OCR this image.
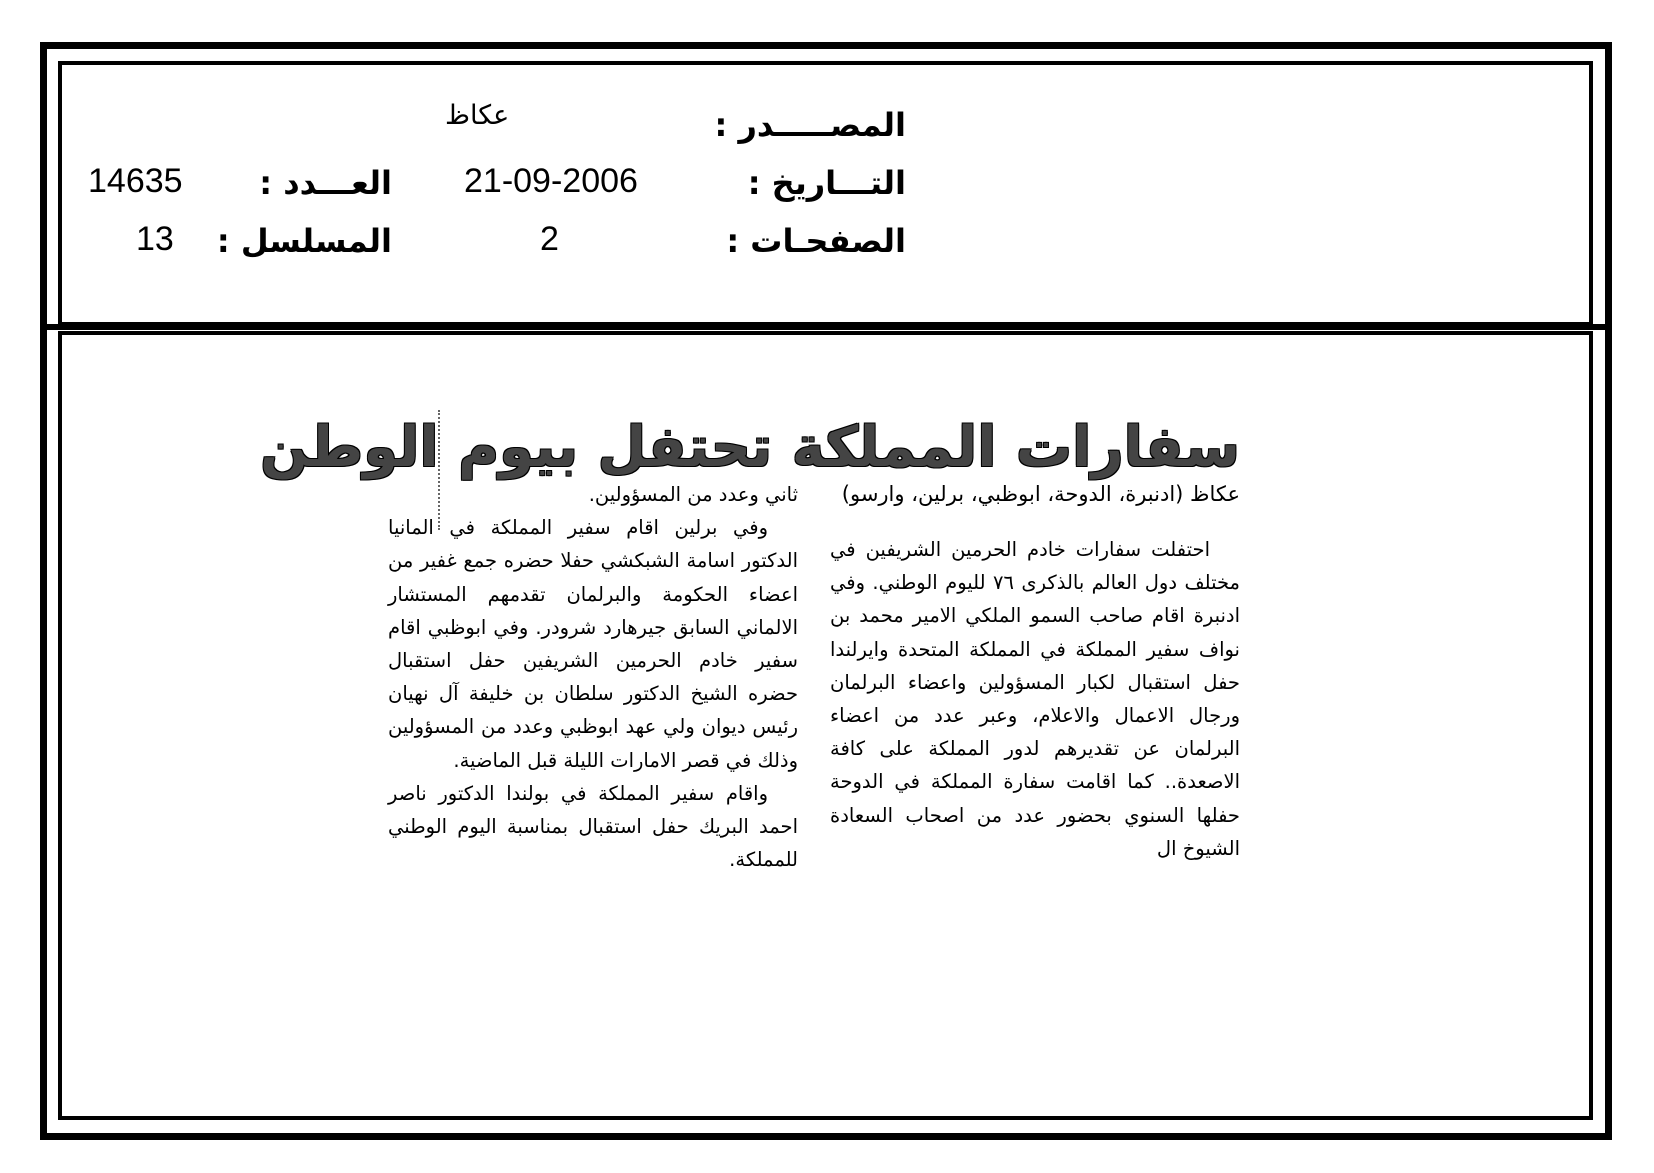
المصـــــدر :
عكاظ
التـــاريخ :
21-09-2006
العـــدد :
14635
الصفحـات :
2
المسلسل :
13
سفارات المملكة تحتفل بيوم الوطن

عكاظ (ادنبرة، الدوحة، ابوظبي، برلين، وارسو)

احتفلت سفارات خادم الحرمين الشريفين في مختلف دول العالم بالذكرى ٧٦ لليوم الوطني. وفي ادنبرة اقام صاحب السمو الملكي الامير محمد بن نواف سفير المملكة في المملكة المتحدة وايرلندا حفل استقبال لكبار المسؤولين واعضاء البرلمان ورجال الاعمال والاعلام، وعبر عدد من اعضاء البرلمان عن تقديرهم لدور المملكة على كافة الاصعدة.. كما اقامت سفارة المملكة في الدوحة حفلها السنوي بحضور عدد من اصحاب السعادة الشيوخ ال

ثاني وعدد من المسؤولين.

وفي برلين اقام سفير المملكة في المانيا الدكتور اسامة الشبكشي حفلا حضره جمع غفير من اعضاء الحكومة والبرلمان تقدمهم المستشار الالماني السابق جيرهارد شرودر. وفي ابوظبي اقام سفير خادم الحرمين الشريفين حفل استقبال حضره الشيخ الدكتور سلطان بن خليفة آل نهيان رئيس ديوان ولي عهد ابوظبي وعدد من المسؤولين وذلك في قصر الامارات الليلة قبل الماضية.

واقام سفير المملكة في بولندا الدكتور ناصر احمد البريك حفل استقبال بمناسبة اليوم الوطني للمملكة.
